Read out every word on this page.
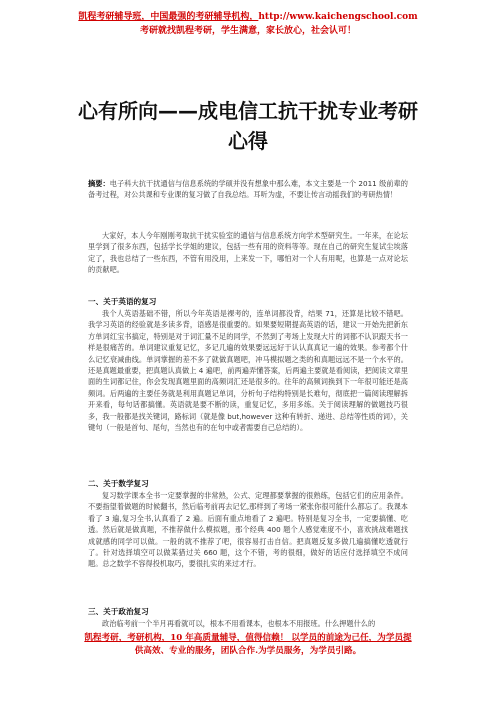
凯程考研辅导班，中国最强的考研辅导机构，http://www.kaichengschool.com
考研就找凯程考研，学生满意，家长放心，社会认可！
心有所向——成电信工抗干扰专业考研心得
摘要：电子科大抗干扰通信与信息系统的学硕并没有想象中那么难，本文主要是一个 2011 级前辈的备考过程，对公共课和专业课的复习做了自我总结。耳听为虚，不要让传言动摇我们的考研热情！
大家好，本人今年刚刚考取抗干扰实验室的通信与信息系统方向学术型研究生。一年来，在论坛里学到了很多东西，包括学长学姐的建议，包括一些有用的资料等等。现在自己的研究生复试尘埃落定了，我也总结了一些东西，不管有用没用，上来发一下，哪怕对一个人有用呢，也算是一点对论坛的贡献吧。
一、关于英语的复习
我个人英语基础不错，所以今年英语是裸考的，连单词都没背，结果 71，还算是比较不错吧。我学习英语的经验就是多读多背，语感是很重要的。如果要短期提高英语的话，建议一开始先把新东方单词红宝书搞定，特别是对于词汇量不足的同学，不然到了考场上发现大片的词都不认识跟天书一样是很痛苦的。单词建议重复记忆，多记几遍的效果要远远好于认认真真记一遍的效果。参考都个什么记忆衰减曲线。单词掌握的差不多了就做真题吧，冲马模拟题之类的和真题远远不是一个水平的。还是真题最重要，把真题认真做上 4 遍吧，前两遍弄懂答案，后两遍主要就是看阅读，把阅读文章里面的生词都记住，你会发现真题里面的高频词汇还是很多的。往年的高频词换到下一年很可能还是高频词。后两遍的主要任务就是利用真题记单词，分析句子结构特别是长难句，彻底把一篇阅读理解拆开来看，每句话都搞懂。英语就是要不断的读，重复记忆，多用多练。关于阅读理解的做题技巧很多，我一般都是找关键词，路标词（就是像 but,however 这种有转折、递进、总结等性质的词），关键句（一般是首句、尾句，当然也有的在句中或者需要自己总结的）。
二、关于数学复习
复习数学课本全书一定要掌握的非常熟，公式、定理都要掌握的很熟练，包括它们的应用条件。不要指望着做题的时候翻书，然后临考前再去记忆,那样到了考场一紧张你很可能什么都忘了。我课本看了 3 遍,复习全书,认真看了 2 遍。后面有重点地看了 2 遍吧。特别是复习全书，一定要搞懂、吃透。然后就是做真题，不推荐做什么模拟题，那个经典 400 题个人感觉难度不小，喜欢挑战难题找成就感的同学可以做。一般的就不推荐了吧，很容易打击自信。把真题反复多做几遍搞懂吃透就行了。针对选择填空可以做某猎过关 660 题，这个不错，考的很细，做好的话应付选择填空不成问题。总之数学不容得投机取巧，要很扎实的来过才行。
三、关于政治复习
政治临考前一个半月再看就可以，根本不用看课本，也根本不用报班。什么押题什么的
凯程考研，考研机构，10 年高质量辅导，值得信赖！ 以学员的前途为己任，为学员提
供高效、专业的服务，团队合作.为学员服务，为学员引路。
